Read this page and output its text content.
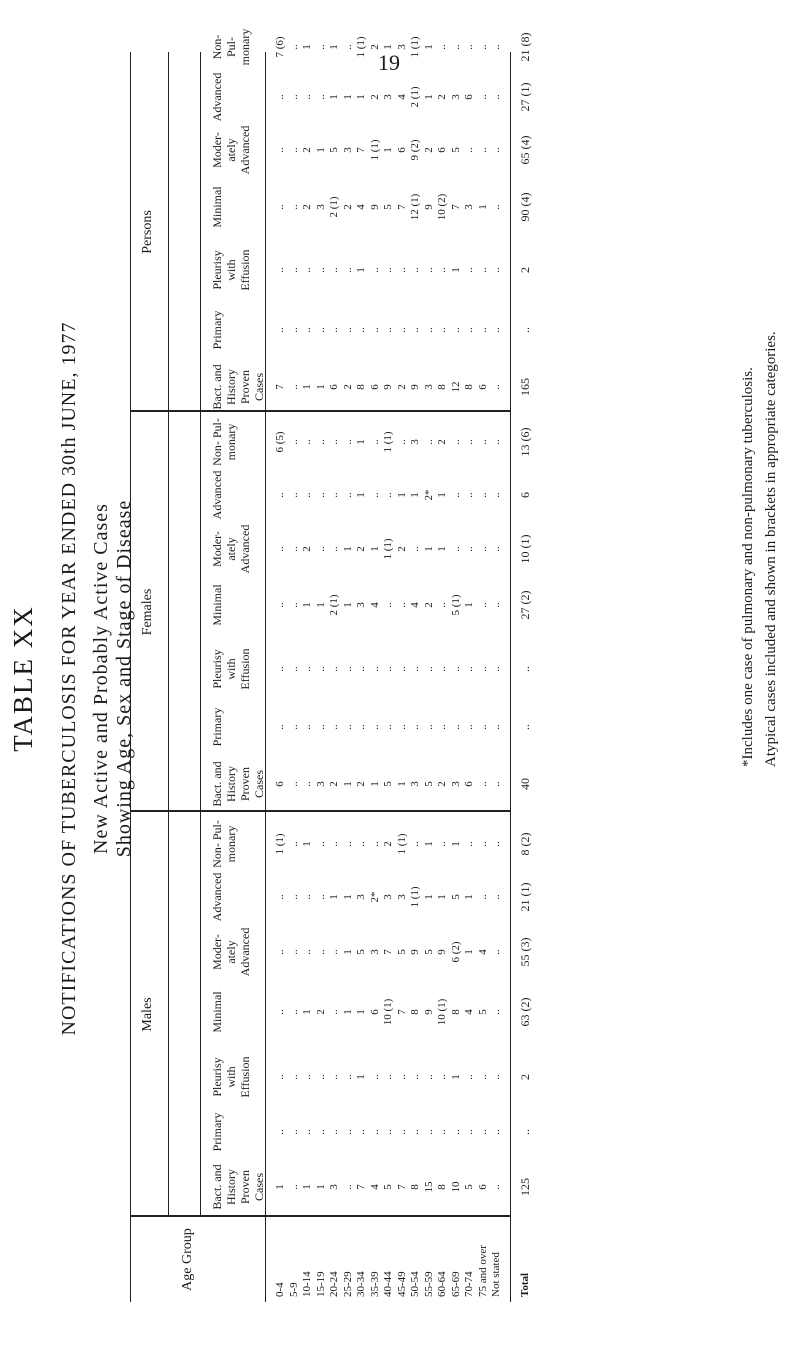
19
TABLE XX NOTIFICATIONS OF TUBERCULOSIS FOR YEAR ENDED 30th JUNE, 1977 New Active and Probably Active Cases
Showing Age, Sex and Stage of Disease
Age Group
Males
Females
Persons
Bact. and History Proven Cases
Primary
Pleurisy with Effusion
Minimal
Moder- ately Advanced
Advanced
Non- Pul- monary
Bact. and History Proven Cases
Primary
Pleurisy with Effusion
Minimal
Moder- ately Advanced
Advanced
Non- Pul- monary
Bact. and History Proven Cases
Primary
Pleurisy with Effusion
Minimal
Moder- ately Advanced
Advanced
Non- Pul- monary
0-4
1
..
..
..
..
..
1 (1)
6
..
..
..
..
..
6 (5)
7
..
..
..
..
..
7 (6)
5-9
..
..
..
..
..
..
..
..
..
..
..
..
..
..
..
..
..
..
..
..
..
10-14
1
..
..
1
..
..
1
..
..
..
1
2
..
..
1
..
..
2
2
..
1
15-19
1
..
..
2
..
..
..
3
..
..
1
..
..
..
1
..
..
3
1
..
..
20-24
3
..
..
..
..
1
..
2
..
..
2 (1)
..
..
..
6
..
..
2 (1)
5
1
1
25-29
..
..
..
1
1
1
..
1
..
..
1
1
..
..
2
..
..
2
3
1
..
30-34
7
..
1
1
5
3
..
2
..
..
3
2
1
1
8
..
1
4
7
1
1 (1)
35-39
4
..
..
6
3
2*
..
1
..
..
4
1
..
..
6
..
..
9
1 (1)
2
2
40-44
5
..
..
10 (1)
7
3
2
5
..
..
..
1 (1)
..
1 (1)
9
..
..
5
1
3
1
45-49
7
..
..
7
5
3
1 (1)
1
..
..
..
2
1
..
2
..
..
7
6
4
3
50-54
8
..
..
8
9
1 (1)
..
3
..
..
4
..
1
3
9
..
..
12 (1)
9 (2)
2 (1)
1 (1)
55-59
15
..
..
9
5
1
1
5
..
..
2
1
2*
..
3
..
..
9
2
1
1
60-64
8
..
..
10 (1)
9
1
..
2
..
..
..
1
1
2
8
..
..
10 (2)
6
2
..
65-69
10
..
1
8
6 (2)
5
1
3
..
..
5 (1)
..
..
..
12
..
1
7
5
3
..
70-74
5
..
..
4
1
1
..
6
..
..
1
..
..
..
8
..
..
3
..
6
..
75 and over
6
..
..
5
4
..
..
..
..
..
..
..
..
..
6
..
..
1
..
..
..
Not stated
..
..
..
..
..
..
..
..
..
..
..
..
..
..
..
..
..
..
..
..
..
Total
125
..
2
63 (2)
55 (3)
21 (1)
8 (2)
40
..
..
27 (2)
10 (1)
6
13 (6)
165
..
2
90 (4)
65 (4)
27 (1)
21 (8)
*Includes one case of pulmonary and non-pulmonary tuberculosis. Atypical cases included and shown in brackets in appropriate categories.
